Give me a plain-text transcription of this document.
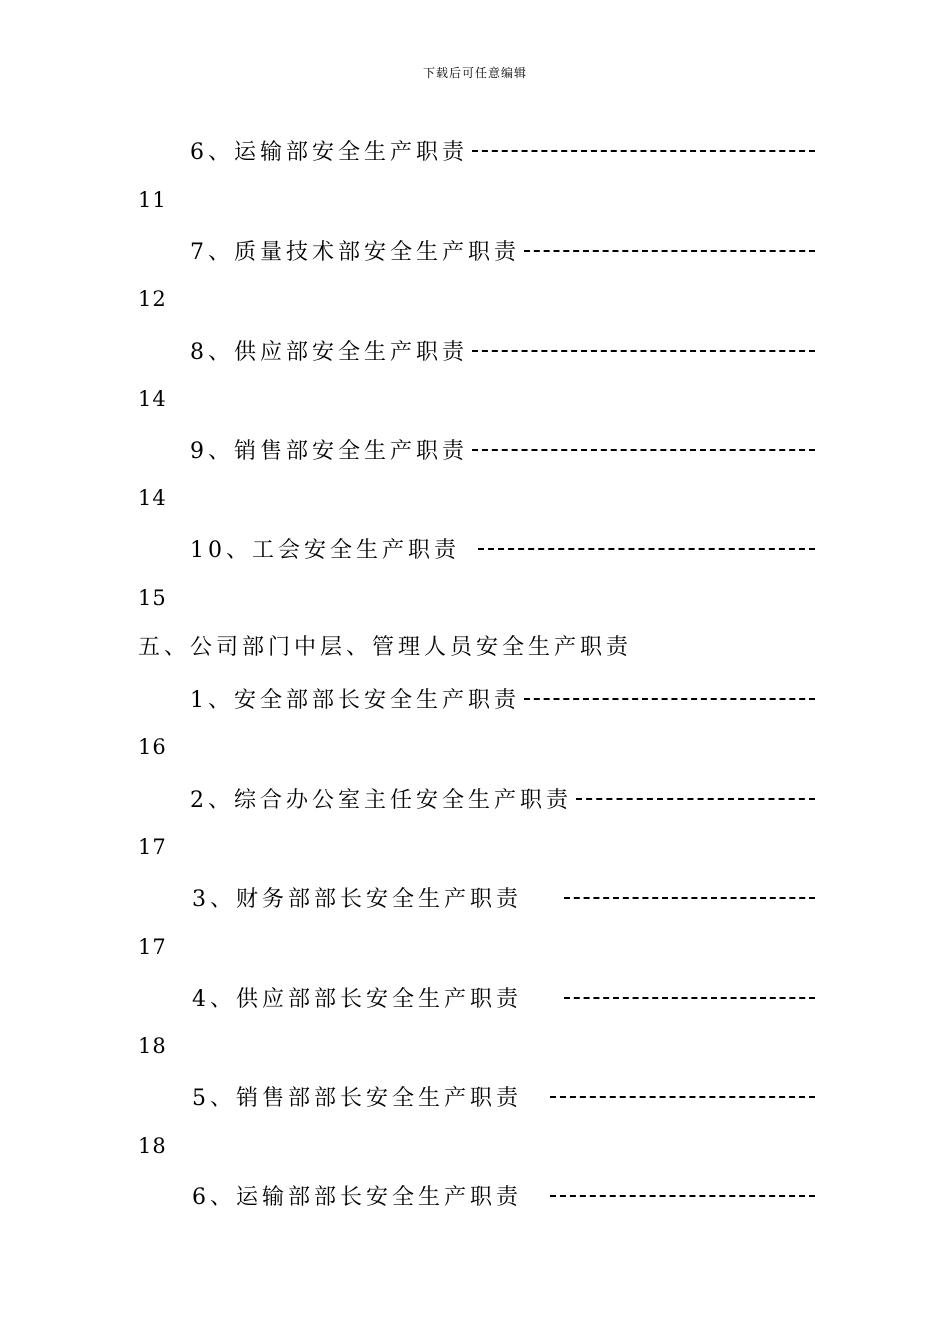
下载后可任意编辑
6、运输部安全生产职责
11
7、质量技术部安全生产职责
12
8、供应部安全生产职责
14
9、销售部安全生产职责
14
10、工会安全生产职责
15
五、公司部门中层、管理人员安全生产职责
1、安全部部长安全生产职责
16
2、综合办公室主任安全生产职责
17
3、财务部部长安全生产职责
17
4、供应部部长安全生产职责
18
5、销售部部长安全生产职责
18
6、运输部部长安全生产职责
